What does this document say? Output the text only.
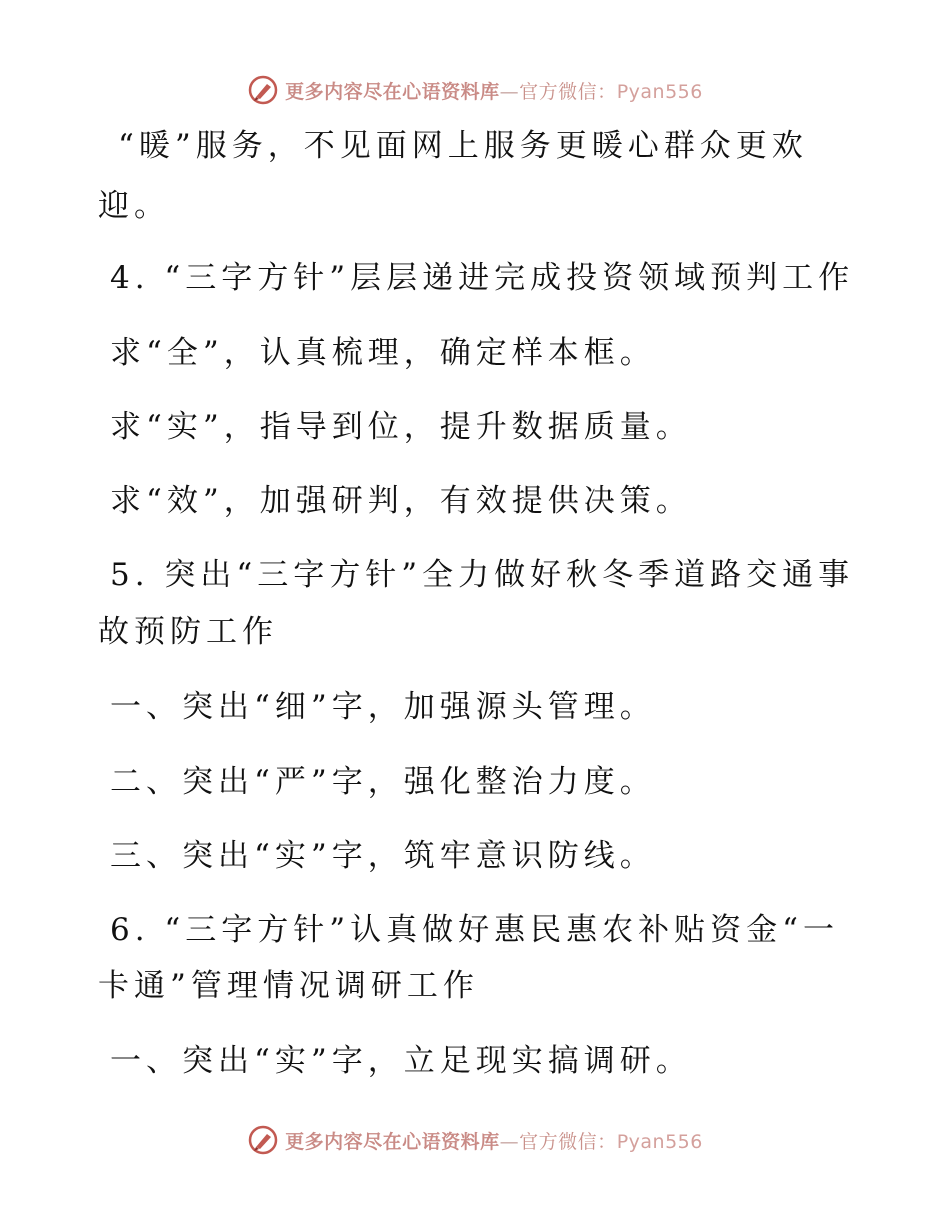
更多内容尽在心语资料库—官方微信：Pyan556
“暖”服务，不见面网上服务更暖心群众更欢
迎。
4. “三字方针”层层递进完成投资领域预判工作
求“全”，认真梳理，确定样本框。
求“实”，指导到位，提升数据质量。
求“效”，加强研判，有效提供决策。
5. 突出“三字方针”全力做好秋冬季道路交通事
故预防工作
一、突出“细”字，加强源头管理。
二、突出“严”字，强化整治力度。
三、突出“实”字，筑牢意识防线。
6. “三字方针”认真做好惠民惠农补贴资金“一
卡通”管理情况调研工作
一、突出“实”字，立足现实搞调研。
更多内容尽在心语资料库—官方微信：Pyan556
